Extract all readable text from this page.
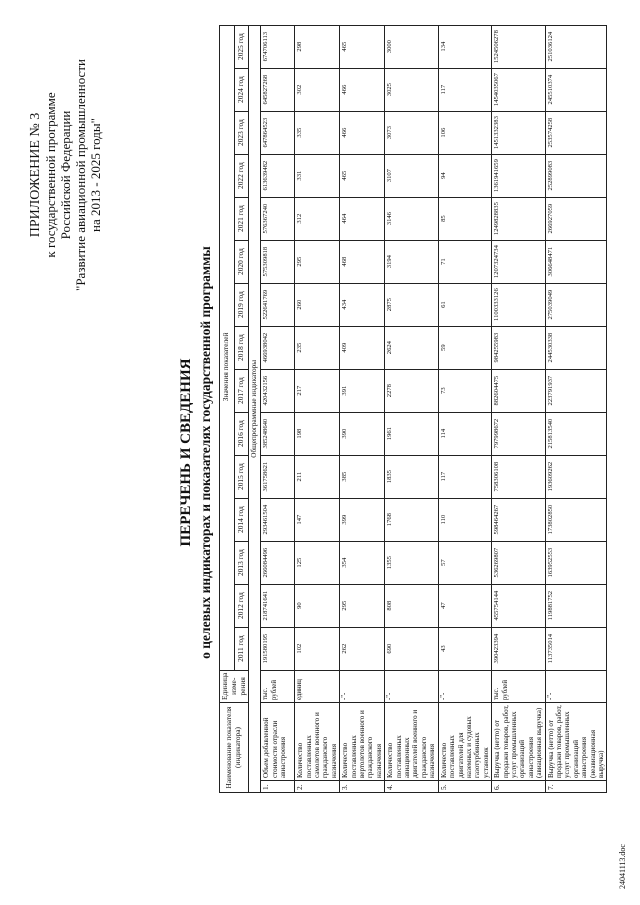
ПРИЛОЖЕНИЕ № 3 к государственной программе Российской Федерации "Развитие авиационной промышленности на 2013 - 2025 годы"
ПЕРЕЧЕНЬ И СВЕДЕНИЯ о целевых индикаторах и показателях государственной программы
Наименование показателя (индикатора)		Единица изме-рения	Значения показателей														
			2011 год	2012 год	2013 год	2014 год	2015 год	2016 год	2017 год	2018 год	2019 год	2020 год	2021 год	2022 год	2023 год	2024 год	2025 год
Общепрограммные индикаторы																	
1.	Объем добавленной стоимости отрасли авиастроения	тыс. рублей	191580195	218741641	266084496	293461504	361758621	385248640	420432156	466938042	522641769	575309818	576367240	613639482	647864523	645827268	674706113
2.	Количество поставленных самолетов военного и гражданского назначения	единиц	102	90	125	147	211	198	217	235	260	295	312	331	335	302	298
3.	Количество поставленных вертолетов военного и гражданского назначения	-"-	262	295	354	399	385	390	391	409	434	468	464	465	466	466	465
4.	Количество поставленных авиационных двигателей военного и гражданского назначения	-"-	690	808	1355	1768	1835	1961	2278	2624	2875	3194	3146	3107	3073	3025	3000
5.	Количество поставленных двигателей для наземных и судовых газотурбинных установок	-"-	43	47	57	110	117	114	73	59	61	71	85	94	106	117	134
6.	Выручка (нетто) от продажи товаров, работ, услуг промышленных организаций авиастроения (авиационная выручка)	тыс. рублей	390423394	455754144	536269807	598464267	758306108	797998672	882604475	984255983	1100333126	1207324734	1249828835	1361941659	1451332383	1454035067	1524506278
7.	Выручка (нетто) от продажи товаров, работ, услуг промышленных организаций авиастроения (неавиационная выручка)	-"-	113735014	119881752	163952553	173802850	193609262	215813540	223791937	244530338	275039049	306648471	266927059	252899083	253574258	245510374	251036124
24041113.doc
